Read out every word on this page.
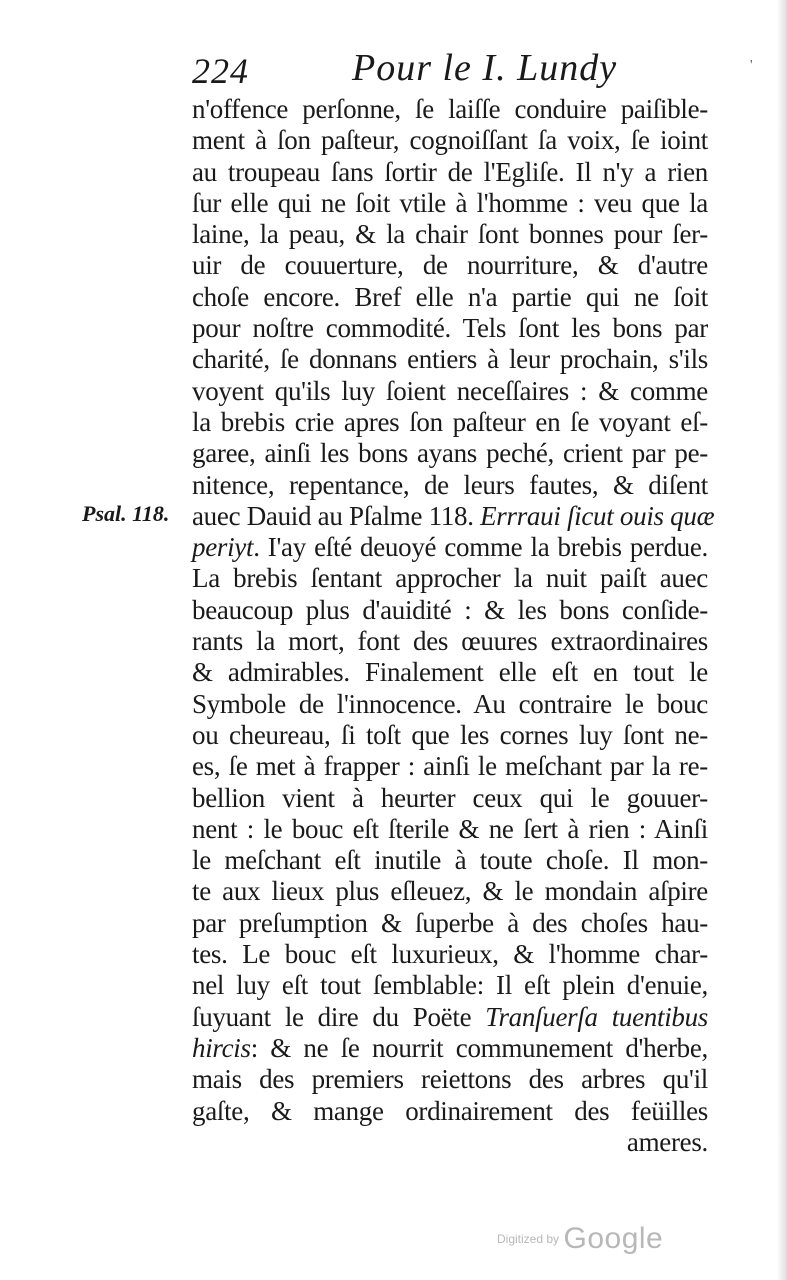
224	Pour le I. Lundy	'
Psal. 118.
n'offence perſonne, ſe laiſſe conduire paiſible-
ment à ſon paſteur, cognoiſſant ſa voix, ſe ioint
au troupeau ſans ſortir de l'Egliſe. Il n'y a rien
ſur elle qui ne ſoit vtile à l'homme : veu que la
laine, la peau, & la chair ſont bonnes pour ſer-
uir de couuerture, de nourriture, & d'autre
choſe encore. Bref elle n'a partie qui ne ſoit
pour noſtre commodité. Tels ſont les bons par
charité, ſe donnans entiers à leur prochain, s'ils
voyent qu'ils luy ſoient neceſſaires : & comme
la brebis crie apres ſon paſteur en ſe voyant eſ-
garee, ainſi les bons ayans peché, crient par pe-
nitence, repentance, de leurs fautes, & diſent
auec Dauid au Pſalme 118. Errraui ſicut ouis quæ
periyt. I'ay eſté deuoyé comme la brebis perdue.
La brebis ſentant approcher la nuit paiſt auec
beaucoup plus d'auidité : & les bons conſide-
rants la mort, font des œuures extraordinaires
& admirables. Finalement elle eſt en tout le
Symbole de l'innocence. Au contraire le bouc
ou cheureau, ſi toſt que les cornes luy ſont ne-
es, ſe met à frapper : ainſi le meſchant par la re-
bellion vient à heurter ceux qui le gouuer-
nent : le bouc eſt ſterile & ne ſert à rien : Ainſi
le meſchant eſt inutile à toute choſe. Il mon-
te aux lieux plus eſleuez, & le mondain aſpire
par preſumption & ſuperbe à des choſes hau-
tes. Le bouc eſt luxurieux, & l'homme char-
nel luy eſt tout ſemblable: Il eſt plein d'enuie,
ſuyuant le dire du Poëte Tranſuerſa tuentibus
hircis: & ne ſe nourrit communement d'herbe,
mais des premiers reiettons des arbres qu'il
gaſte, & mange ordinairement des feüilles
ameres.
Digitized by Google
